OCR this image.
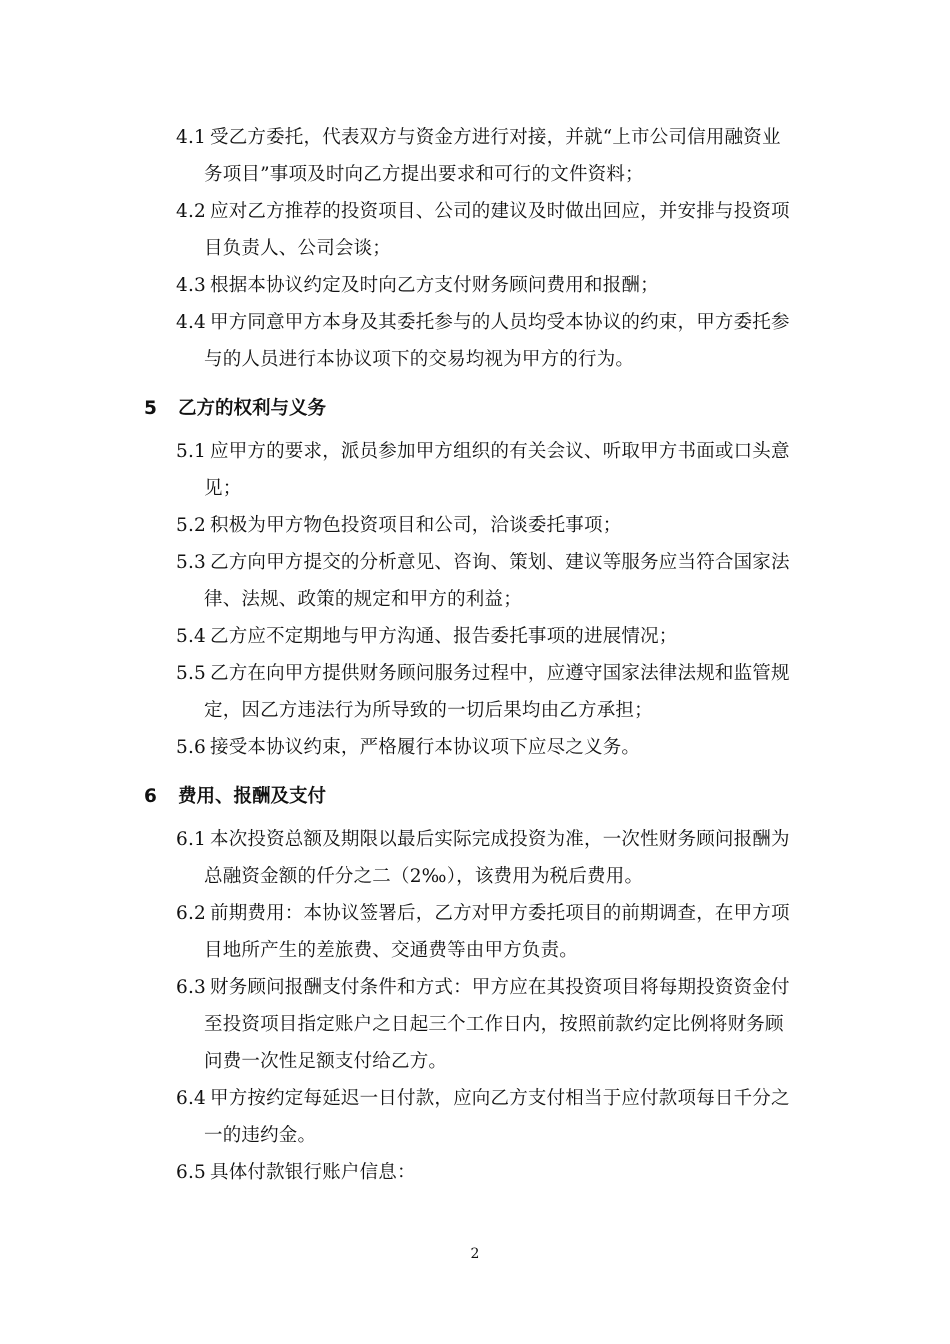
4.1 受乙方委托，代表双方与资金方进行对接，并就“上市公司信用融资业
务项目”事项及时向乙方提出要求和可行的文件资料；
4.2 应对乙方推荐的投资项目、公司的建议及时做出回应，并安排与投资项
目负责人、公司会谈；
4.3 根据本协议约定及时向乙方支付财务顾问费用和报酬；
4.4 甲方同意甲方本身及其委托参与的人员均受本协议的约束，甲方委托参
与的人员进行本协议项下的交易均视为甲方的行为。
5 乙方的权利与义务
5.1 应甲方的要求，派员参加甲方组织的有关会议、听取甲方书面或口头意
见；
5.2 积极为甲方物色投资项目和公司，洽谈委托事项；
5.3 乙方向甲方提交的分析意见、咨询、策划、建议等服务应当符合国家法
律、法规、政策的规定和甲方的利益；
5.4 乙方应不定期地与甲方沟通、报告委托事项的进展情况；
5.5 乙方在向甲方提供财务顾问服务过程中，应遵守国家法律法规和监管规
定，因乙方违法行为所导致的一切后果均由乙方承担；
5.6 接受本协议约束，严格履行本协议项下应尽之义务。
6 费用、报酬及支付
6.1 本次投资总额及期限以最后实际完成投资为准，一次性财务顾问报酬为
总融资金额的仟分之二（2‰），该费用为税后费用。
6.2 前期费用：本协议签署后，乙方对甲方委托项目的前期调查，在甲方项
目地所产生的差旅费、交通费等由甲方负责。
6.3 财务顾问报酬支付条件和方式：甲方应在其投资项目将每期投资资金付
至投资项目指定账户之日起三个工作日内，按照前款约定比例将财务顾
问费一次性足额支付给乙方。
6.4 甲方按约定每延迟一日付款，应向乙方支付相当于应付款项每日千分之
一的违约金。
6.5 具体付款银行账户信息：
2
